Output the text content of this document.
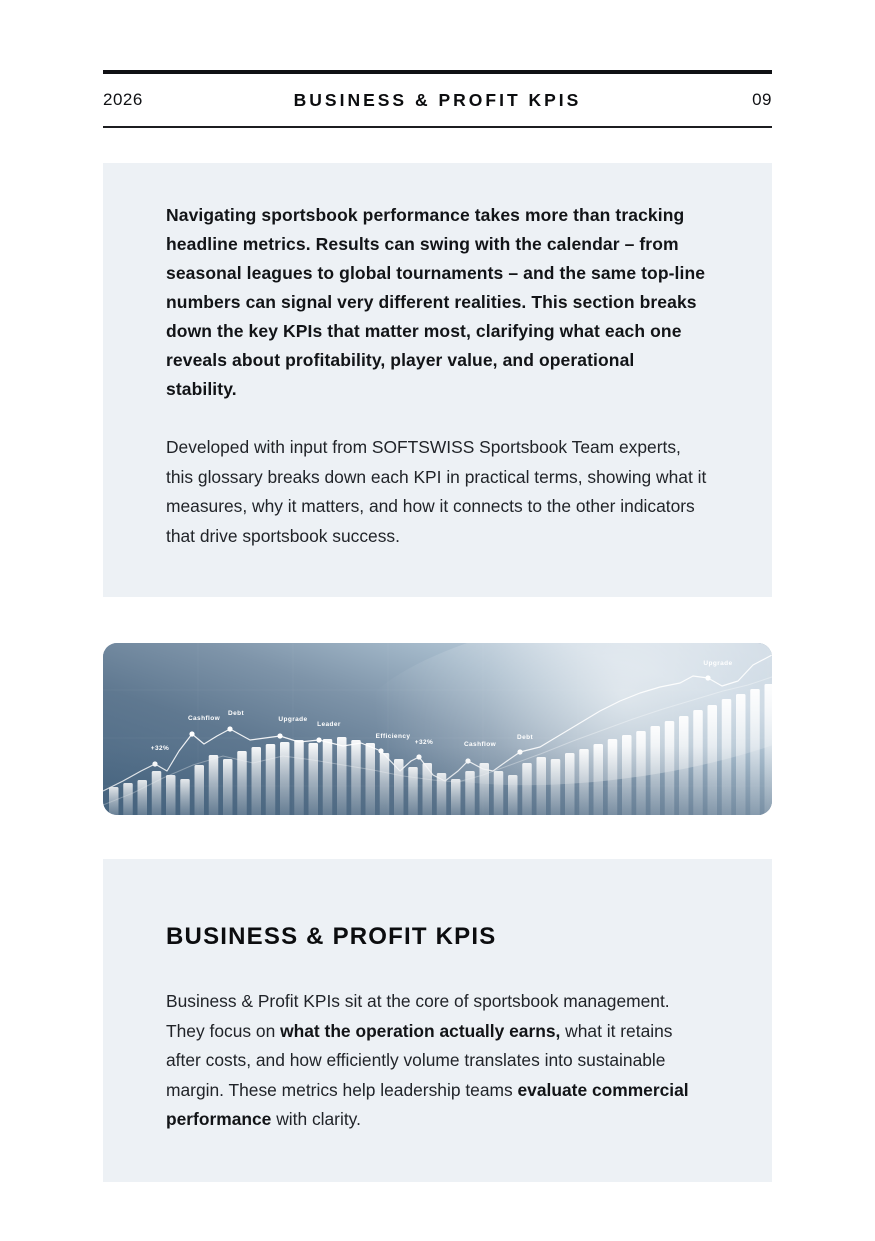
2026	BUSINESS & PROFIT KPIS	09

Navigating sportsbook performance takes more than tracking headline metrics. Results can swing with the calendar – from seasonal leagues to global tournaments – and the same top-line numbers can signal very different realities. This section breaks down the key KPIs that matter most, clarifying what each one reveals about profitability, player value, and operational stability.

Developed with input from SOFTSWISS Sportsbook Team experts, this glossary breaks down each KPI in practical terms, showing what it measures, why it matters, and how it connects to the other indicators that drive sportsbook success.

BUSINESS & PROFIT KPIS

Business & Profit KPIs sit at the core of sportsbook management. They focus on what the operation actually earns, what it retains after costs, and how efficiently volume translates into sustainable margin. These metrics help leadership teams evaluate commercial performance with clarity.
